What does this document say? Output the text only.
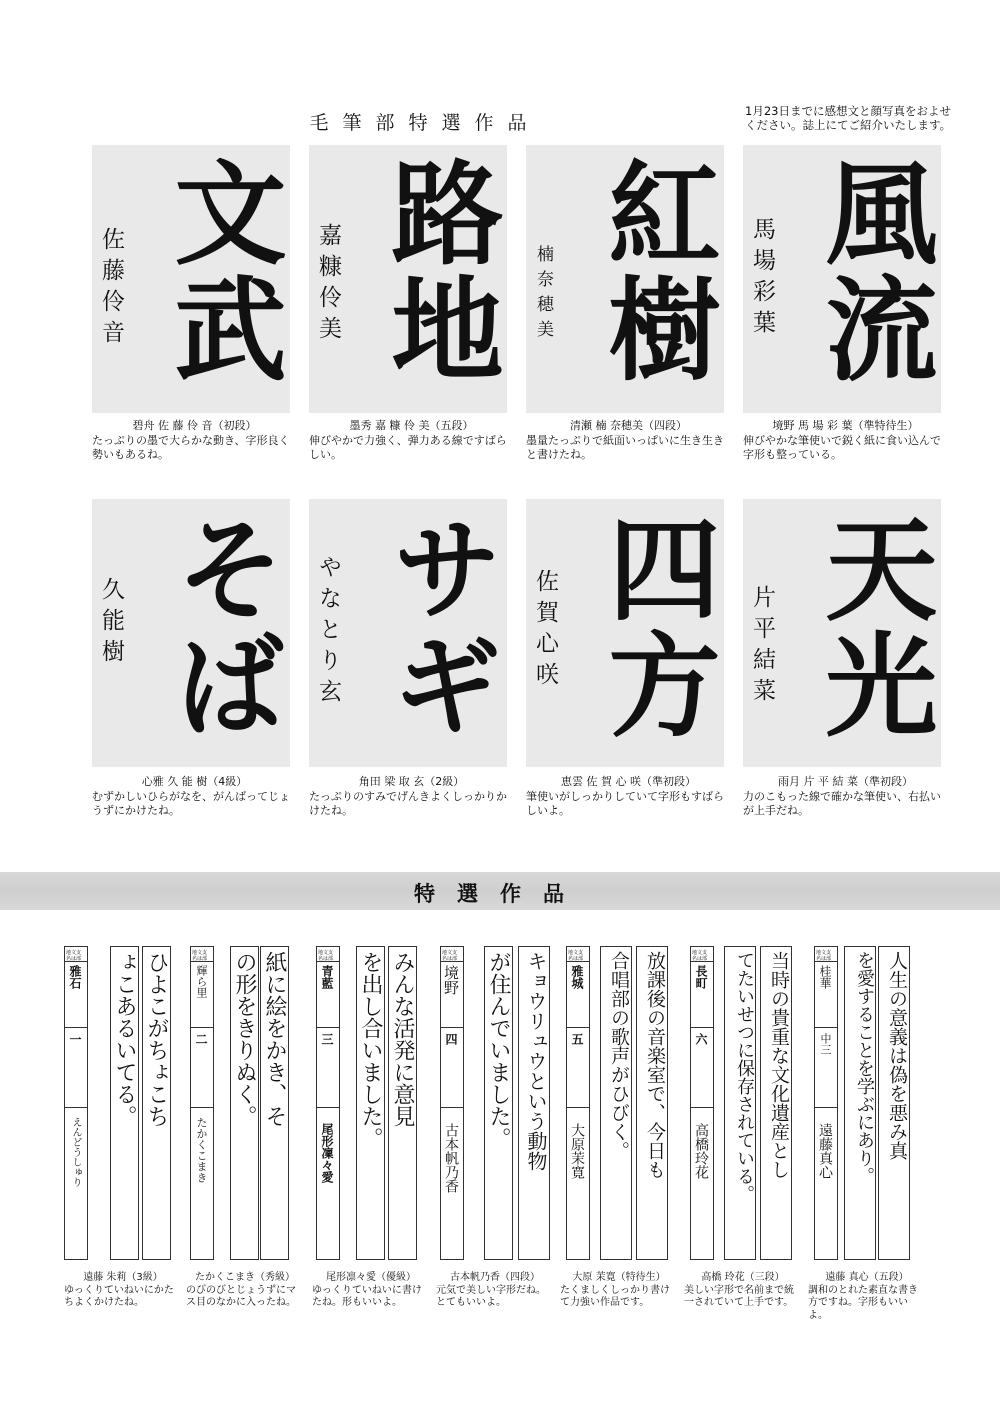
毛筆部特選作品
1月23日までに感想文と顔写真をおよせください。誌上にてご紹介いたします。
文武
佐藤伶音 路地
嘉糠伶美 紅樹
楠奈穂美 風流
馬場彩葉
碧舟 佐 藤 伶 音（初段）
たっぷりの墨で大らかな動き、字形良く勢いもあるね。
墨秀 嘉 糠 伶 美（五段）
伸びやかで力強く、弾力ある線ですばらしい。
清瀬 楠 奈穂美（四段）
墨量たっぷりで紙面いっぱいに生き生きと書けたね。
境野 馬 場 彩 葉（準特待生）
伸びやかな筆使いで鋭く紙に食い込んで字形も整っている。
そば
久能樹 サギ
やなとり玄 四方
佐賀心咲 天光
片平結菜
心雅 久 能 樹（4級）
むずかしいひらがなを、がんばってじょうずにかけたね。
角田 梁 取 玄（2級）
たっぷりのすみでげんきよくしっかりかけたね。
恵雲 佐 賀 心 咲（準初段）
筆使いがしっかりしていて字形もすばらしいよ。
雨月 片 平 結 菜（準初段）
力のこもった線で確かな筆使い、右払いが上手だね。
特選作品
地文支
名は部
雅石
一
えんどうしゅり
ひよこがちょこち
ょこあるいてる。	地文支
名は部
輝ら里
二
たかくこまき
紙に絵をかき、そ
の形をきりぬく。	地文支
名は部
青藍
三
尾形凜々愛
みんな活発に意見
を出し合いました。	地文支
名は部
境野
四
古本帆乃香	キョウリュウという動物
が住んでいました。	地文支
名は部
雅城
五
大原茉寛	放課後の音楽室で、今日も
合唱部の歌声がひびく。	地文支
名は部
長町
六
高橋玲花	当時の貴重な文化遺産とし
てたいせつに保存されている。	地文支
名は部
桂華
中三
遠藤真心	人生の意義は偽を悪み真
を愛することを学ぶにあり。
遠藤 朱莉（3級）
ゆっくりていねいにかたちよくかけたね。
たかくこまき（秀級）
のびのびとじょうずにマス目のなかに入ったね。
尾形凛々愛（優級）
ゆっくりていねいに書けたね。形もいいよ。
古本帆乃香（四段）
元気で美しい字形だね。とてもいいよ。
大原 茉寛（特待生）
たくましくしっかり書けて力強い作品です。
高橋 玲花（三段）
美しい字形で名前まで統一されていて上手です。
遠藤 真心（五段）
調和のとれた素直な書き方ですね。字形もいいよ。
